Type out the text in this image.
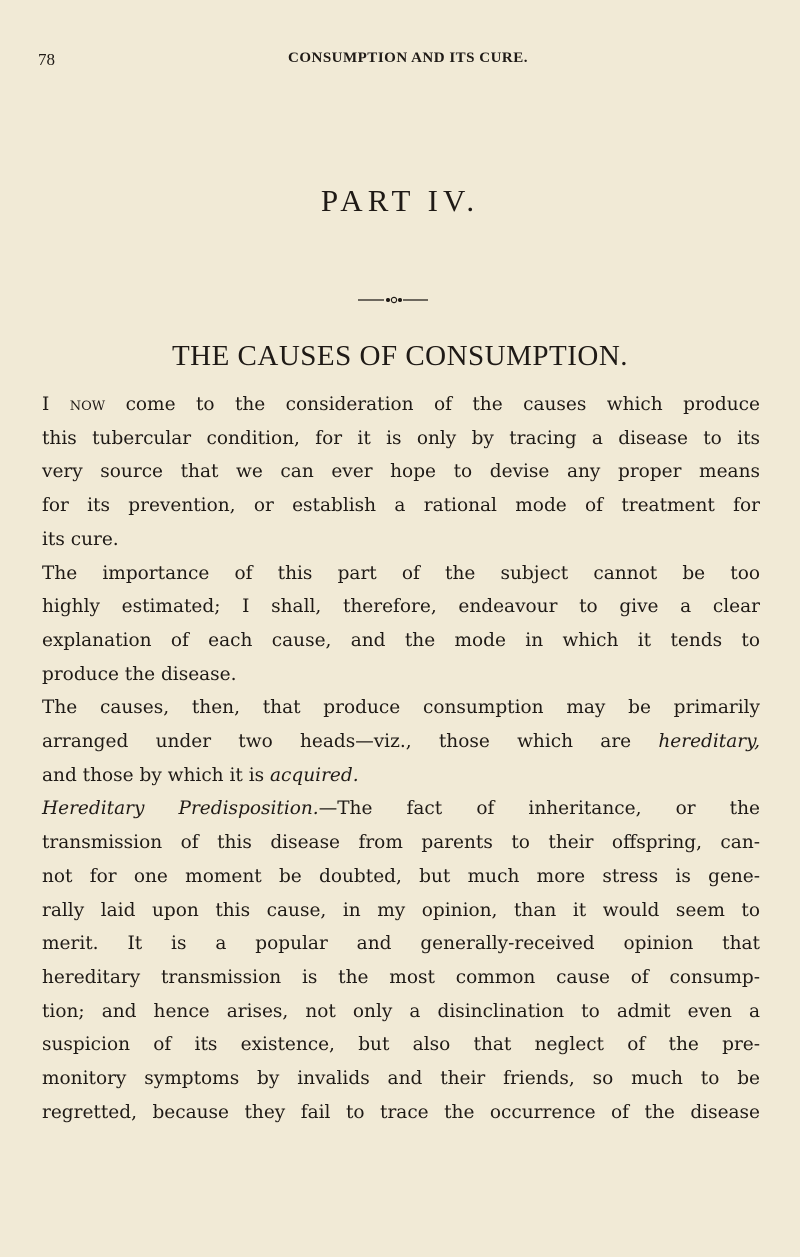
78	CONSUMPTION AND ITS CURE.
PART IV.
THE CAUSES OF CONSUMPTION.

I now come to the consideration of the causes which produce
this tubercular condition, for it is only by tracing a disease to its
very source that we can ever hope to devise any proper means
for its prevention, or establish a rational mode of treatment for
its cure.

The importance of this part of the subject cannot be too
highly estimated; I shall, therefore, endeavour to give a clear
explanation of each cause, and the mode in which it tends to
produce the disease.

The causes, then, that produce consumption may be primarily
arranged under two heads—viz., those which are hereditary,
and those by which it is acquired.

Hereditary Predisposition.—The fact of inheritance, or the
transmission of this disease from parents to their offspring, can-
not for one moment be doubted, but much more stress is gene-
rally laid upon this cause, in my opinion, than it would seem to
merit. It is a popular and generally-received opinion that
hereditary transmission is the most common cause of consump-
tion; and hence arises, not only a disinclination to admit even a
suspicion of its existence, but also that neglect of the pre-
monitory symptoms by invalids and their friends, so much to be
regretted, because they fail to trace the occurrence of the disease
